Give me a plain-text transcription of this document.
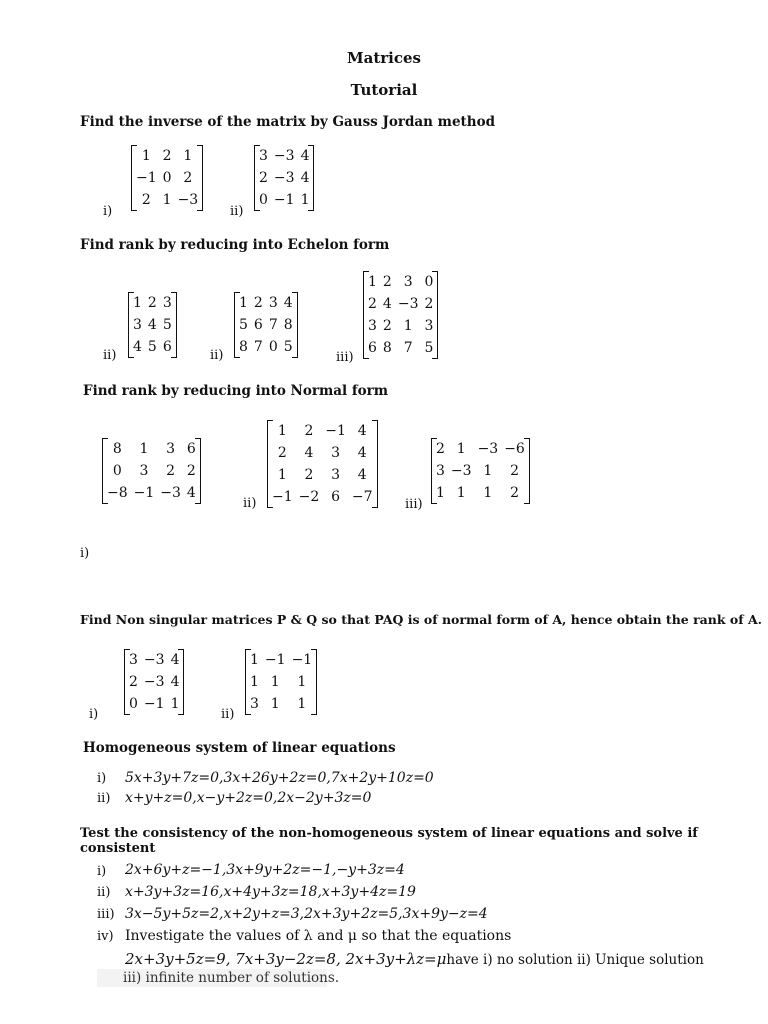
Matrices
Tutorial
Find the inverse of the matrix by Gauss Jordan method
1	2	1
−1	0	2
2	1	−3
i)
3	−3	4
2	−3	4
0	−1	1
ii)
Find rank by reducing into Echelon form
1	2	3
3	4	5
4	5	6
ii)
1	2	3	4
5	6	7	8
8	7	0	5
ii)
1	2	3	0
2	4	−3	2
3	2	1	3
6	8	7	5
iii)
Find rank by reducing into Normal form
8	1	3	6
0	3	2	2
−8	−1	−3	4
1	2	−1	4
2	4	3	4
1	2	3	4
−1	−2	6	−7
ii)
2	1	−3	−6
3	−3	1	2
1	1	1	2
iii)
i)
Find Non singular matrices P & Q so that PAQ is of normal form of A, hence obtain the rank of A.
3	−3	4
2	−3	4
0	−1	1
i)
1	−1	−1
1	1	1
3	1	1
ii)
Homogeneous system of linear equations
i) 5x+3y+7z=0,3x+26y+2z=0,7x+2y+10z=0
ii) x+y+z=0,x−y+2z=0,2x−2y+3z=0
Test the consistency of the non-homogeneous system of linear equations and solve if consistent
i) 2x+6y+z=−1,3x+9y+2z=−1,−y+3z=4
ii) x+3y+3z=16,x+4y+3z=18,x+3y+4z=19
iii) 3x−5y+5z=2,x+2y+z=3,2x+3y+2z=5,3x+9y−z=4
iv) Investigate the values of λ and μ so that the equations
2x+3y+5z=9, 7x+3y−2z=8, 2x+3y+λz=μhave i) no solution ii) Unique solution
iii) infinite number of solutions.
